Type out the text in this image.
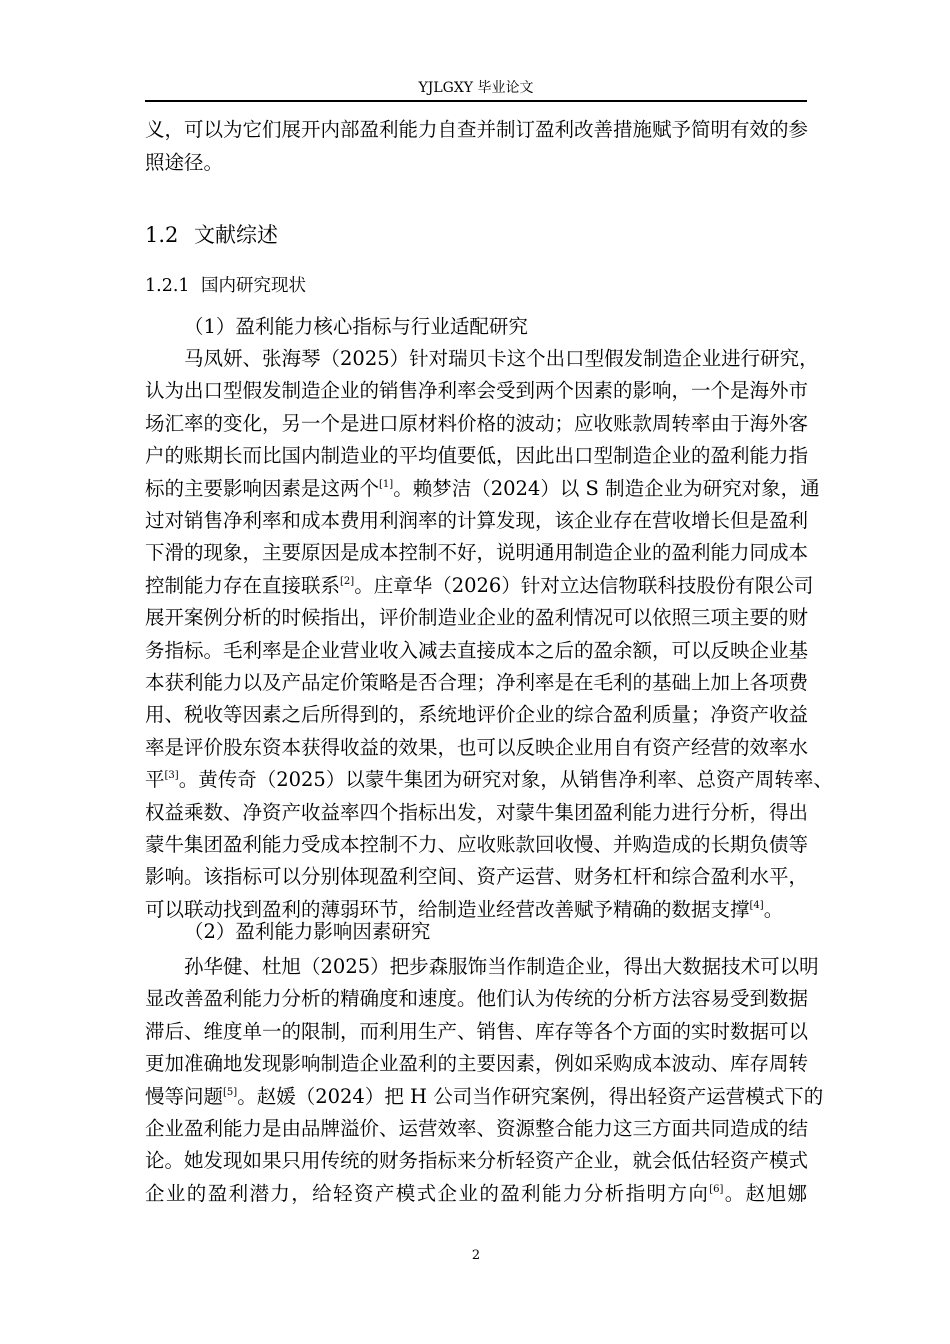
YJLGXY 毕业论文
义，可以为它们展开内部盈利能力自查并制订盈利改善措施赋予简明有效的参
照途径。
1.2 文献综述
1.2.1 国内研究现状
（1）盈利能力核心指标与行业适配研究
马凤妍、张海琴（2025）针对瑞贝卡这个出口型假发制造企业进行研究，
认为出口型假发制造企业的销售净利率会受到两个因素的影响，一个是海外市
场汇率的变化，另一个是进口原材料价格的波动；应收账款周转率由于海外客
户的账期长而比国内制造业的平均值要低，因此出口型制造企业的盈利能力指
标的主要影响因素是这两个[1]。赖梦洁（2024）以 S 制造企业为研究对象，通
过对销售净利率和成本费用利润率的计算发现，该企业存在营收增长但是盈利
下滑的现象，主要原因是成本控制不好，说明通用制造企业的盈利能力同成本
控制能力存在直接联系[2]。庄章华（2026）针对立达信物联科技股份有限公司
展开案例分析的时候指出，评价制造业企业的盈利情况可以依照三项主要的财
务指标。毛利率是企业营业收入减去直接成本之后的盈余额，可以反映企业基
本获利能力以及产品定价策略是否合理；净利率是在毛利的基础上加上各项费
用、税收等因素之后所得到的，系统地评价企业的综合盈利质量；净资产收益
率是评价股东资本获得收益的效果，也可以反映企业用自有资产经营的效率水
平[3]。黄传奇（2025）以蒙牛集团为研究对象，从销售净利率、总资产周转率、
权益乘数、净资产收益率四个指标出发，对蒙牛集团盈利能力进行分析，得出
蒙牛集团盈利能力受成本控制不力、应收账款回收慢、并购造成的长期负债等
影响。该指标可以分别体现盈利空间、资产运营、财务杠杆和综合盈利水平，
可以联动找到盈利的薄弱环节，给制造业经营改善赋予精确的数据支撑[4]。
（2）盈利能力影响因素研究
孙华健、杜旭（2025）把步森服饰当作制造企业，得出大数据技术可以明
显改善盈利能力分析的精确度和速度。他们认为传统的分析方法容易受到数据
滞后、维度单一的限制，而利用生产、销售、库存等各个方面的实时数据可以
更加准确地发现影响制造企业盈利的主要因素，例如采购成本波动、库存周转
慢等问题[5]。赵媛（2024）把 H 公司当作研究案例，得出轻资产运营模式下的
企业盈利能力是由品牌溢价、运营效率、资源整合能力这三方面共同造成的结
论。她发现如果只用传统的财务指标来分析轻资产企业，就会低估轻资产模式
企业的盈利潜力，给轻资产模式企业的盈利能力分析指明方向[6]。赵旭娜
2
